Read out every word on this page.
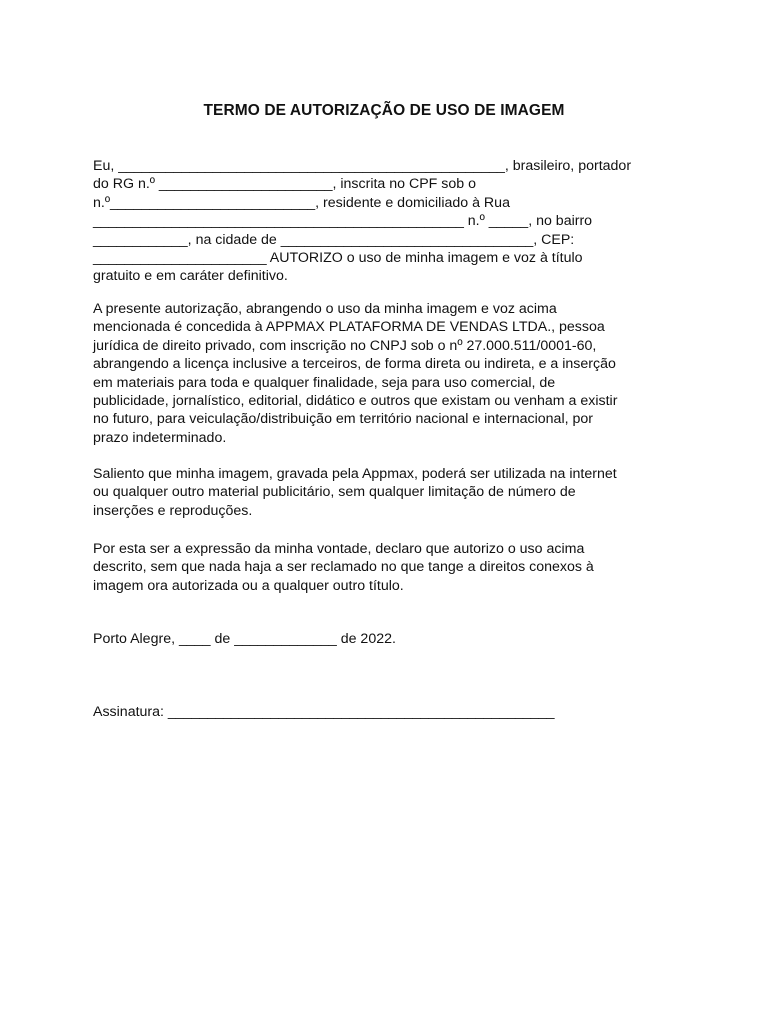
TERMO DE AUTORIZAÇÃO DE USO DE IMAGEM

Eu, _________________________________________________, brasileiro, portador
do RG n.º ______________________, inscrita no CPF sob o
n.º__________________________, residente e domiciliado à Rua
_______________________________________________ n.º _____, no bairro
____________, na cidade de ________________________________, CEP:
______________________ AUTORIZO o uso de minha imagem e voz à título
gratuito e em caráter definitivo.

A presente autorização, abrangendo o uso da minha imagem e voz acima
mencionada é concedida à APPMAX PLATAFORMA DE VENDAS LTDA., pessoa
jurídica de direito privado, com inscrição no CNPJ sob o nº 27.000.511/0001-60,
abrangendo a licença inclusive a terceiros, de forma direta ou indireta, e a inserção
em materiais para toda e qualquer finalidade, seja para uso comercial, de
publicidade, jornalístico, editorial, didático e outros que existam ou venham a existir
no futuro, para veiculação/distribuição em território nacional e internacional, por
prazo indeterminado.

Saliento que minha imagem, gravada pela Appmax, poderá ser utilizada na internet
ou qualquer outro material publicitário, sem qualquer limitação de número de
inserções e reproduções.

Por esta ser a expressão da minha vontade, declaro que autorizo o uso acima
descrito, sem que nada haja a ser reclamado no que tange a direitos conexos à
imagem ora autorizada ou a qualquer outro título.

Porto Alegre, ____ de _____________ de 2022.

Assinatura: _________________________________________________
